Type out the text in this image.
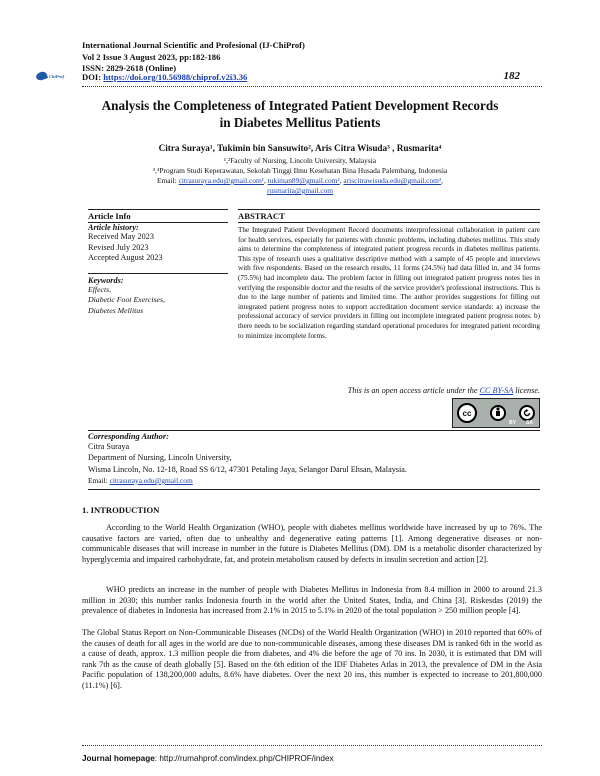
International Journal Scientific and Profesional (IJ-ChiProf)
Vol 2 Issue 3 August 2023, pp:182-186
ISSN: 2829-2618 (Online)
ChiProf DOI: https://doi.org/10.56988/chiprof.v2i3.36	182
Analysis the Completeness of Integrated Patient Development Records
in Diabetes Mellitus Patients
Citra Suraya¹, Tukimin bin Sansuwito², Aris Citra Wisuda³ , Rusmarita⁴
¹,²Faculty of Nursing, Lincoln University, Malaysia
³,⁴Program Studi Keperawatan, Sekolah Tinggi Ilmu Kesehatan Bina Husada Palembang, Indonesia
Email: citrasuraya.edu@gmail.com¹, tukiman89@gmail.com², ariscitrawisuda.edu@gmail.com³,
rusmarita@gmail.com
Article Info
Article history:
Received May 2023
Revised July 2023
Accepted August 2023
Keywords:
Effects,
Diabetic Foot Exercises,
Diabetes Mellitus
ABSTRACT
The Integrated Patient Development Record documents interprofessional collaboration in patient care for health services, especially for patients with chronic problems, including diabetes mellitus. This study aims to determine the completeness of integrated patient progress records in diabetes mellitus patients. This type of research uses a qualitative descriptive method with a sample of 45 people and interviews with five respondents. Based on the research results, 11 forms (24.5%) had data filled in, and 34 forms (75.5%) had incomplete data. The problem factor in filling out integrated patient progress notes lies in verifying the responsible doctor and the results of the service provider's professional instructions. This is due to the large number of patients and limited time. The author provides suggestions for filling out integrated patient progress notes to support accreditation document service standards: a) increase the professional accuracy of service providers in filling out incomplete integrated patient progress notes. b) there needs to be socialization regarding standard operational procedures for integrated patient recording to minimize incomplete forms.
This is an open access article under the CC BY-SA license.
cc
BY SA
Corresponding Author:
Citra Suraya
Department of Nursing, Lincoln University,
Wisma Lincoln, No. 12-18, Road SS 6/12, 47301 Petaling Jaya, Selangor Darul Ehsan, Malaysia.
Email: citrasuraya.edu@gmail.com
1. INTRODUCTION
According to the World Health Organization (WHO), people with diabetes mellitus worldwide have increased by up to 76%. The causative factors are varied, often due to unhealthy and degenerative eating patterns [1]. Among degenerative diseases or non-communicable diseases that will increase in number in the future is Diabetes Mellitus (DM). DM is a metabolic disorder characterized by hyperglycemia and impaired carbohydrate, fat, and protein metabolism caused by defects in insulin secretion and action [2].
WHO predicts an increase in the number of people with Diabetes Mellitus in Indonesia from 8.4 million in 2000 to around 21.3 million in 2030; this number ranks Indonesia fourth in the world after the United States, India, and China [3]. Riskesdas (2019) the prevalence of diabetes in Indonesia has increased from 2.1% in 2015 to 5.1% in 2020 of the total population > 250 million people [4].
The Global Status Report on Non-Communicable Diseases (NCDs) of the World Health Organization (WHO) in 2010 reported that 60% of the causes of death for all ages in the world are due to non-communicable diseases, among these diseases DM is ranked 6th in the world as a cause of death, approx. 1.3 million people die from diabetes, and 4% die before the age of 70 ins. In 2030, it is estimated that DM will rank 7th as the cause of death globally [5]. Based on the 6th edition of the IDF Diabetes Atlas in 2013, the prevalence of DM in the Asia Pacific population of 138,200,000 adults, 8.6% have diabetes. Over the next 20 ins, this number is expected to increase to 201,800,000 (11.1%) [6].
Journal homepage: http://rumahprof.com/index.php/CHIPROF/index
